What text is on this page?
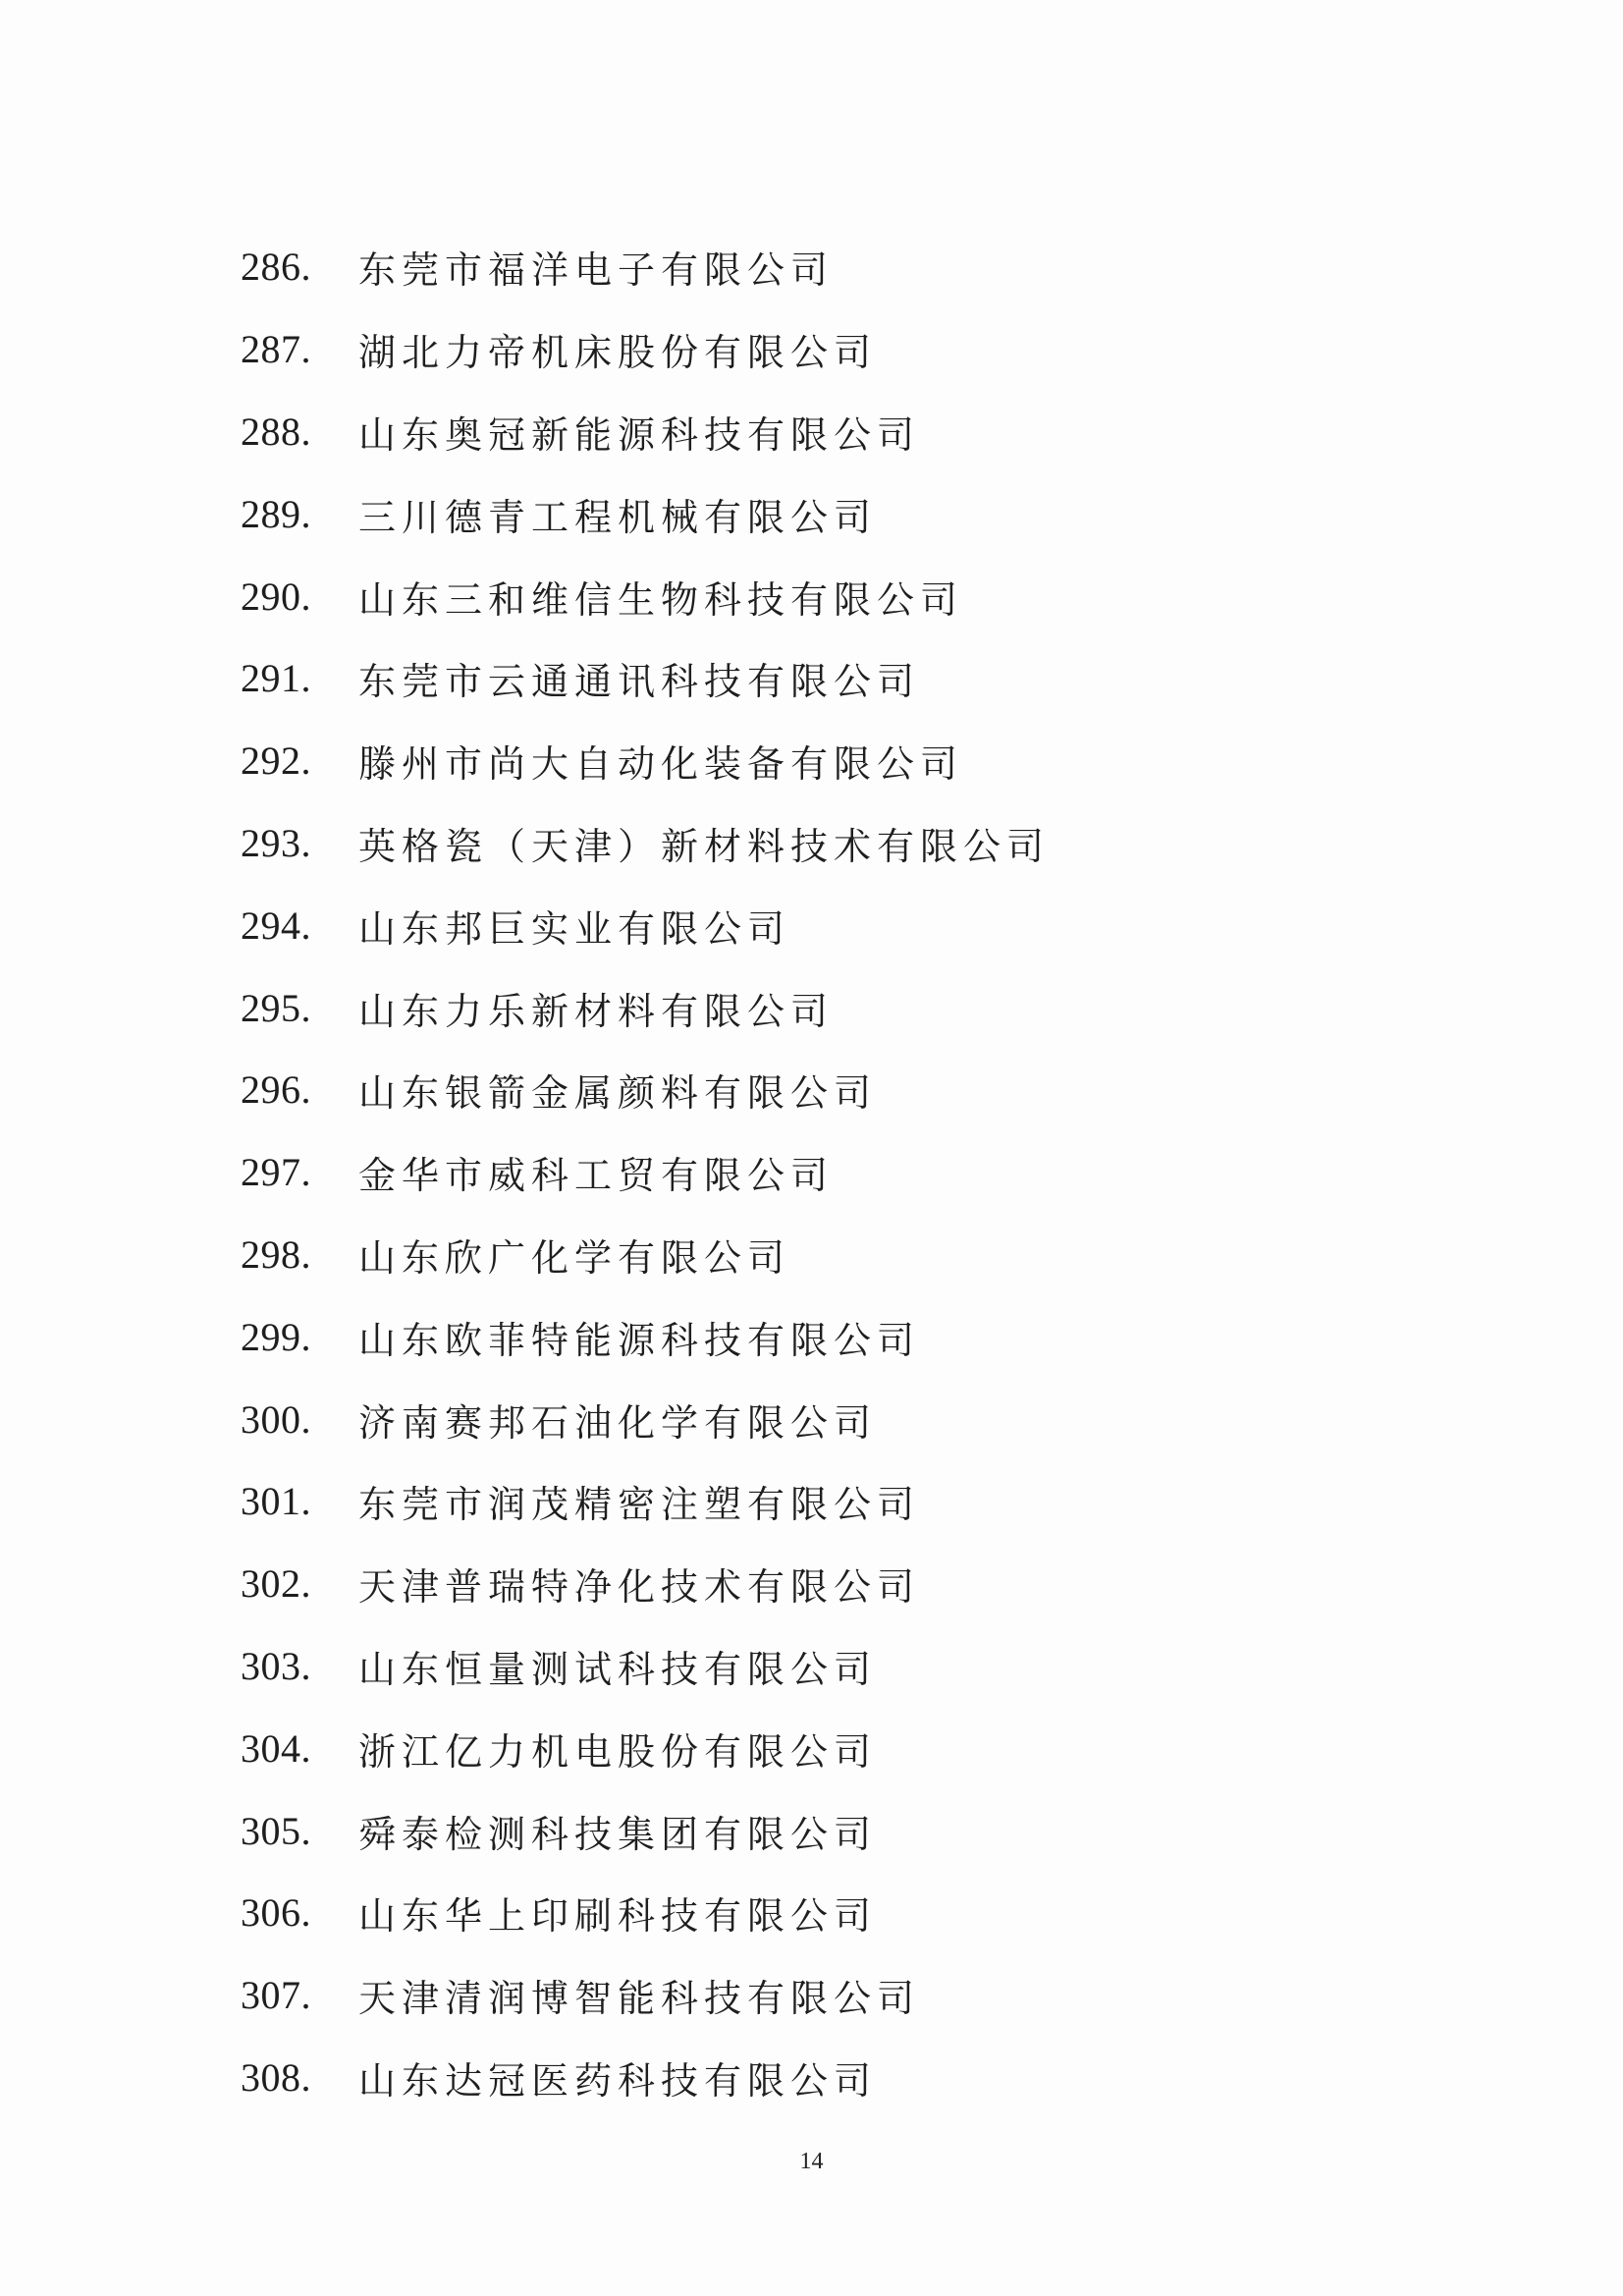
286.	东莞市福洋电子有限公司
287.	湖北力帝机床股份有限公司
288.	山东奥冠新能源科技有限公司
289.	三川德青工程机械有限公司
290.	山东三和维信生物科技有限公司
291.	东莞市云通通讯科技有限公司
292.	滕州市尚大自动化装备有限公司
293.	英格瓷（天津）新材料技术有限公司
294.	山东邦巨实业有限公司
295.	山东力乐新材料有限公司
296.	山东银箭金属颜料有限公司
297.	金华市威科工贸有限公司
298.	山东欣广化学有限公司
299.	山东欧菲特能源科技有限公司
300.	济南赛邦石油化学有限公司
301.	东莞市润茂精密注塑有限公司
302.	天津普瑞特净化技术有限公司
303.	山东恒量测试科技有限公司
304.	浙江亿力机电股份有限公司
305.	舜泰检测科技集团有限公司
306.	山东华上印刷科技有限公司
307.	天津清润博智能科技有限公司
308.	山东达冠医药科技有限公司
14
